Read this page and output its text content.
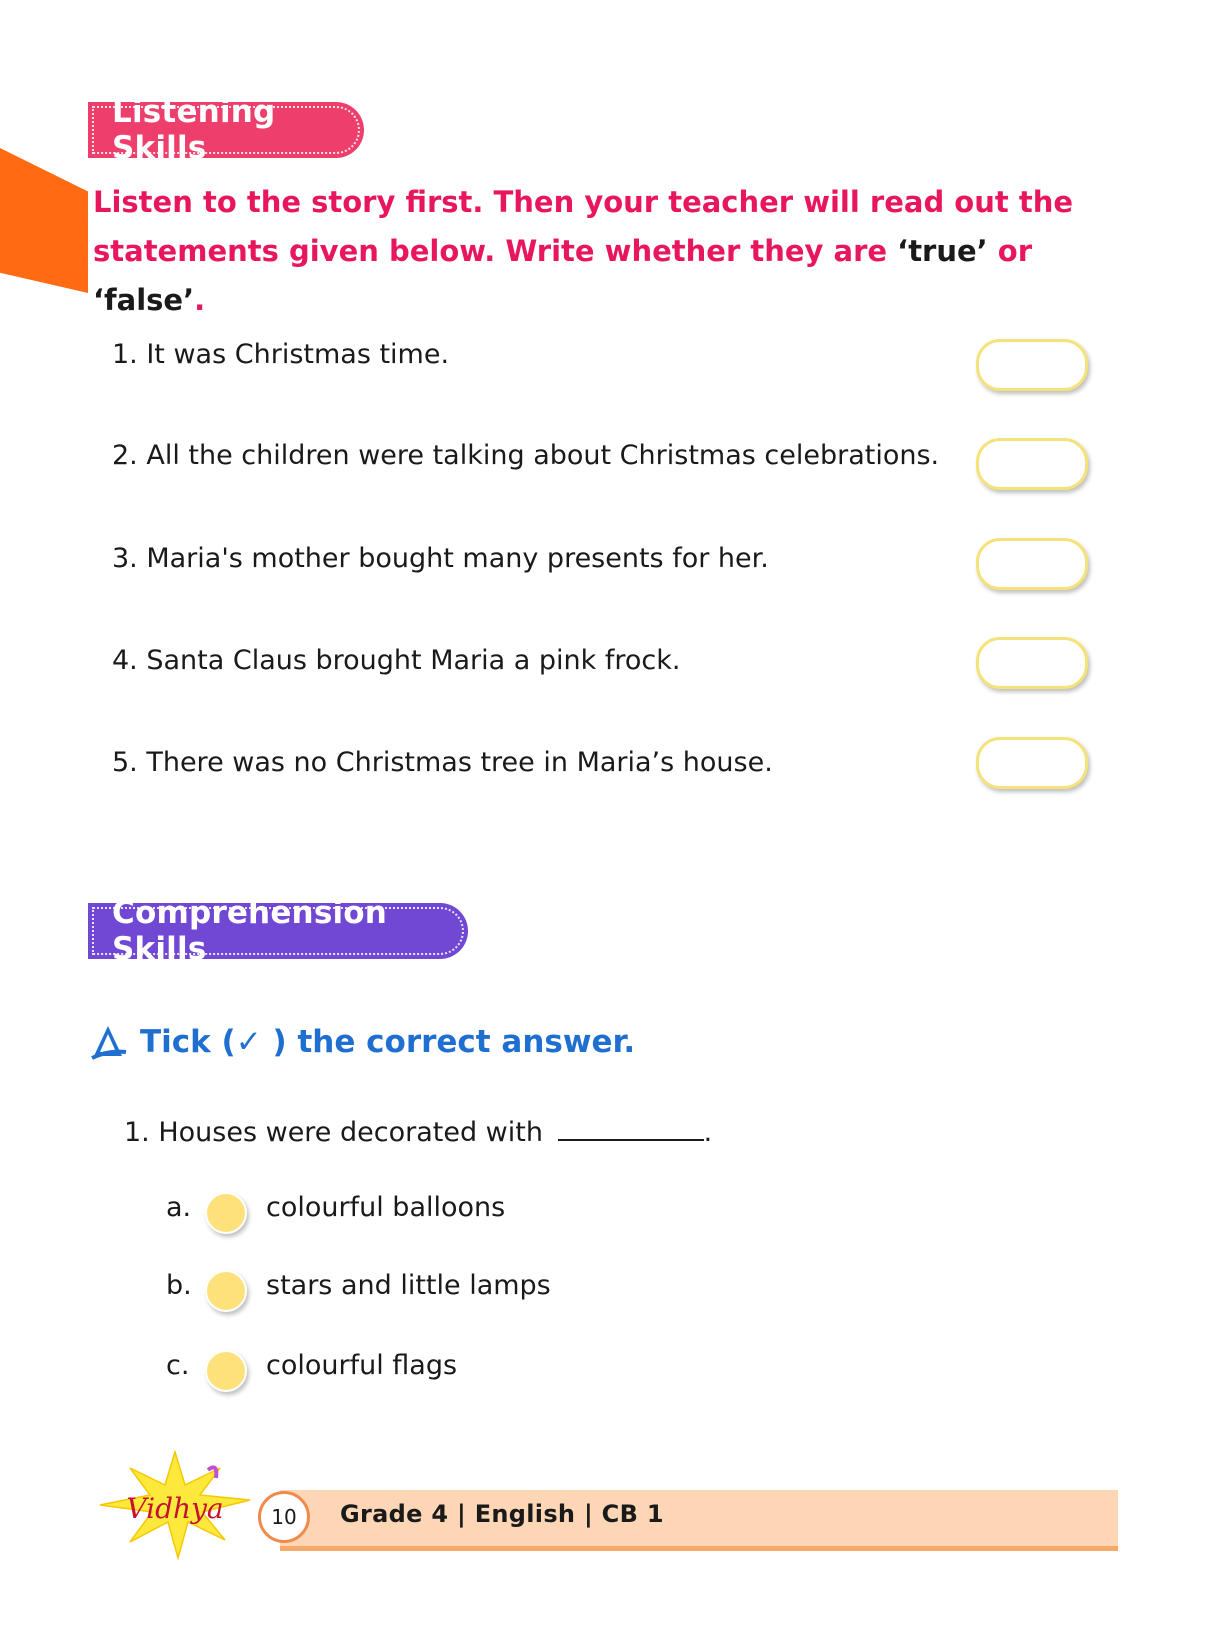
Listening Skills
Listen to the story first. Then your teacher will read out the statements given below. Write whether they are ‘true’ or ‘false’.
1. It was Christmas time.
2. All the children were talking about Christmas celebrations.
3. Maria's mother bought many presents for her.
4. Santa Claus brought Maria a pink frock.
5. There was no Christmas tree in Maria’s house.
Comprehension Skills
Tick (✓ ) the correct answer.
1. Houses were decorated with	.
a.	colourful balloons
b.	stars and little lamps
c.	colourful flags
Vidhya	10	Grade 4 | English | CB 1
